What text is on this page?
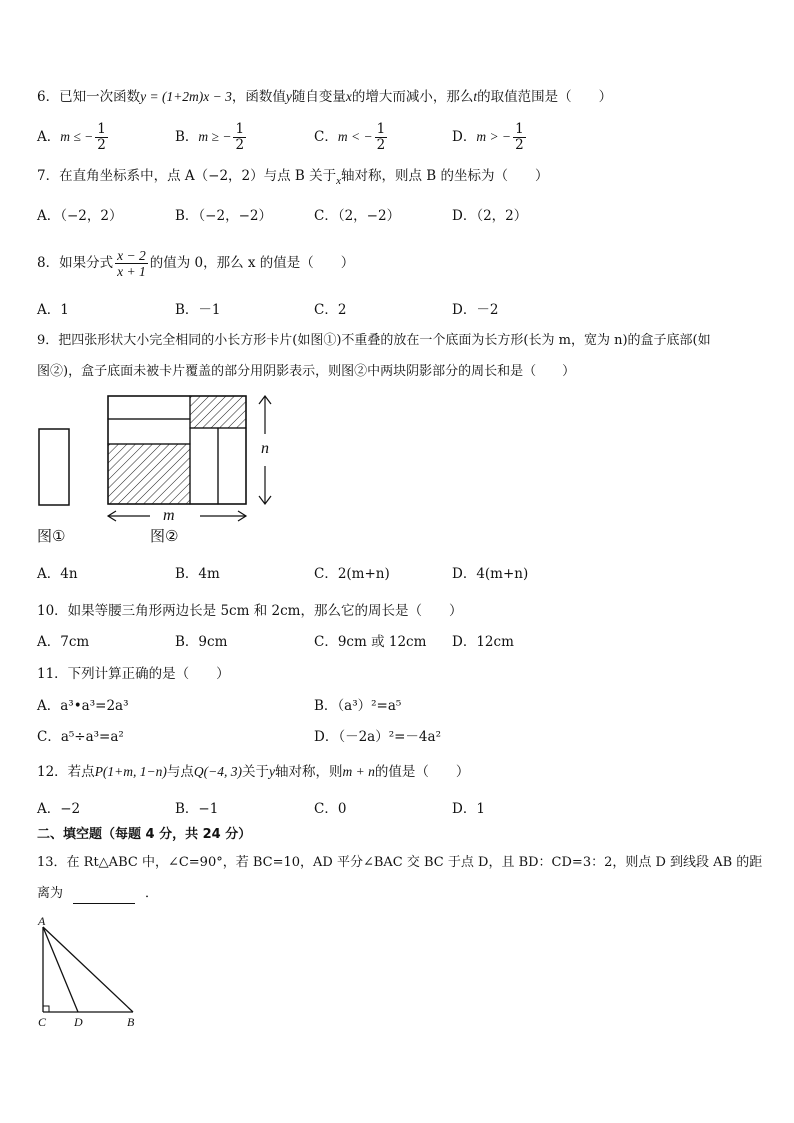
6．已知一次函数y = (1+2m)x − 3，函数值y随自变量x的增大而减小，那么t的取值范围是（　　）
A．m ≤ − $\frac{1}{2}$	B．m ≥ − $\frac{1}{2}$	C．m < − $\frac{1}{2}$	D．m > − $\frac{1}{2}$
7．在直角坐标系中，点 A（−2，2）与点 B 关于$_x$轴对称，则点 B 的坐标为（　　）
A．（−2，2）	B．（−2，−2）	C．（2，−2）	D．（2，2）
8．如果分式 $\frac{x - 2}{x + 1}$ 的值为 0，那么 x 的值是（　　）
A．1	B．－1	C．2	D．－2
9．把四张形状大小完全相同的小长方形卡片(如图①)不重叠的放在一个底面为长方形(长为 m，宽为 n)的盒子底部(如
图②)，盒子底面未被卡片覆盖的部分用阴影表示，则图②中两块阴影部分的周长和是（　　）
n
m
图①	图②
A．4n	B．4m	C．2(m+n)	D．4(m+n)
10．如果等腰三角形两边长是 5cm 和 2cm，那么它的周长是（　　）
A．7cm	B．9cm	C．9cm 或 12cm D．12cm
11．下列计算正确的是（　　）
A．a³•a³=2a³	B．（a³）²=a⁵
C．a⁵÷a³=a²	D．（－2a）²=－4a²
12．若点P(1+m, 1−n)与点Q(−4, 3)关于y轴对称，则m + n的值是（　　）
A．−2	B．−1	C．0	D．1
二、填空题（每题 4 分，共 24 分）
13．在 Rt△ABC 中，∠C=90°，若 BC=10，AD 平分∠BAC 交 BC 于点 D，且 BD：CD=3：2，则点 D 到线段 AB 的距
离为	．
A
C D	B
